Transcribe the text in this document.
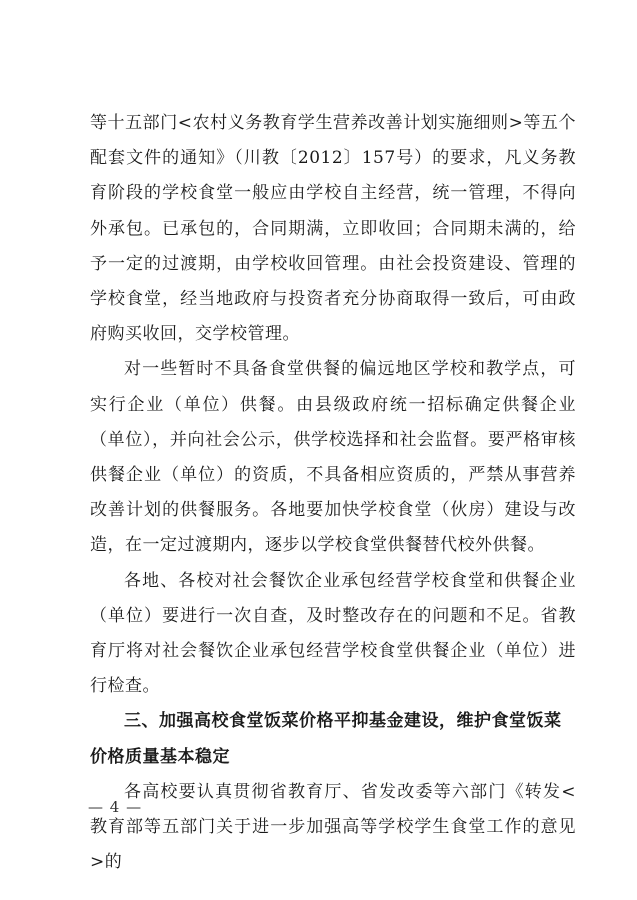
等十五部门<农村义务教育学生营养改善计划实施细则>等五个配套文件的通知》（川教〔2012〕157号）的要求，凡义务教育阶段的学校食堂一般应由学校自主经营，统一管理，不得向外承包。已承包的，合同期满，立即收回；合同期未满的，给予一定的过渡期，由学校收回管理。由社会投资建设、管理的学校食堂，经当地政府与投资者充分协商取得一致后，可由政府购买收回，交学校管理。

对一些暂时不具备食堂供餐的偏远地区学校和教学点，可实行企业（单位）供餐。由县级政府统一招标确定供餐企业（单位），并向社会公示，供学校选择和社会监督。要严格审核供餐企业（单位）的资质，不具备相应资质的，严禁从事营养改善计划的供餐服务。各地要加快学校食堂（伙房）建设与改造，在一定过渡期内，逐步以学校食堂供餐替代校外供餐。

各地、各校对社会餐饮企业承包经营学校食堂和供餐企业（单位）要进行一次自查，及时整改存在的问题和不足。省教育厅将对社会餐饮企业承包经营学校食堂供餐企业（单位）进行检查。

三、加强高校食堂饭菜价格平抑基金建设，维护食堂饭菜价格质量基本稳定

各高校要认真贯彻省教育厅、省发改委等六部门《转发<教育部等五部门关于进一步加强高等学校学生食堂工作的意见>的

— 4 —
